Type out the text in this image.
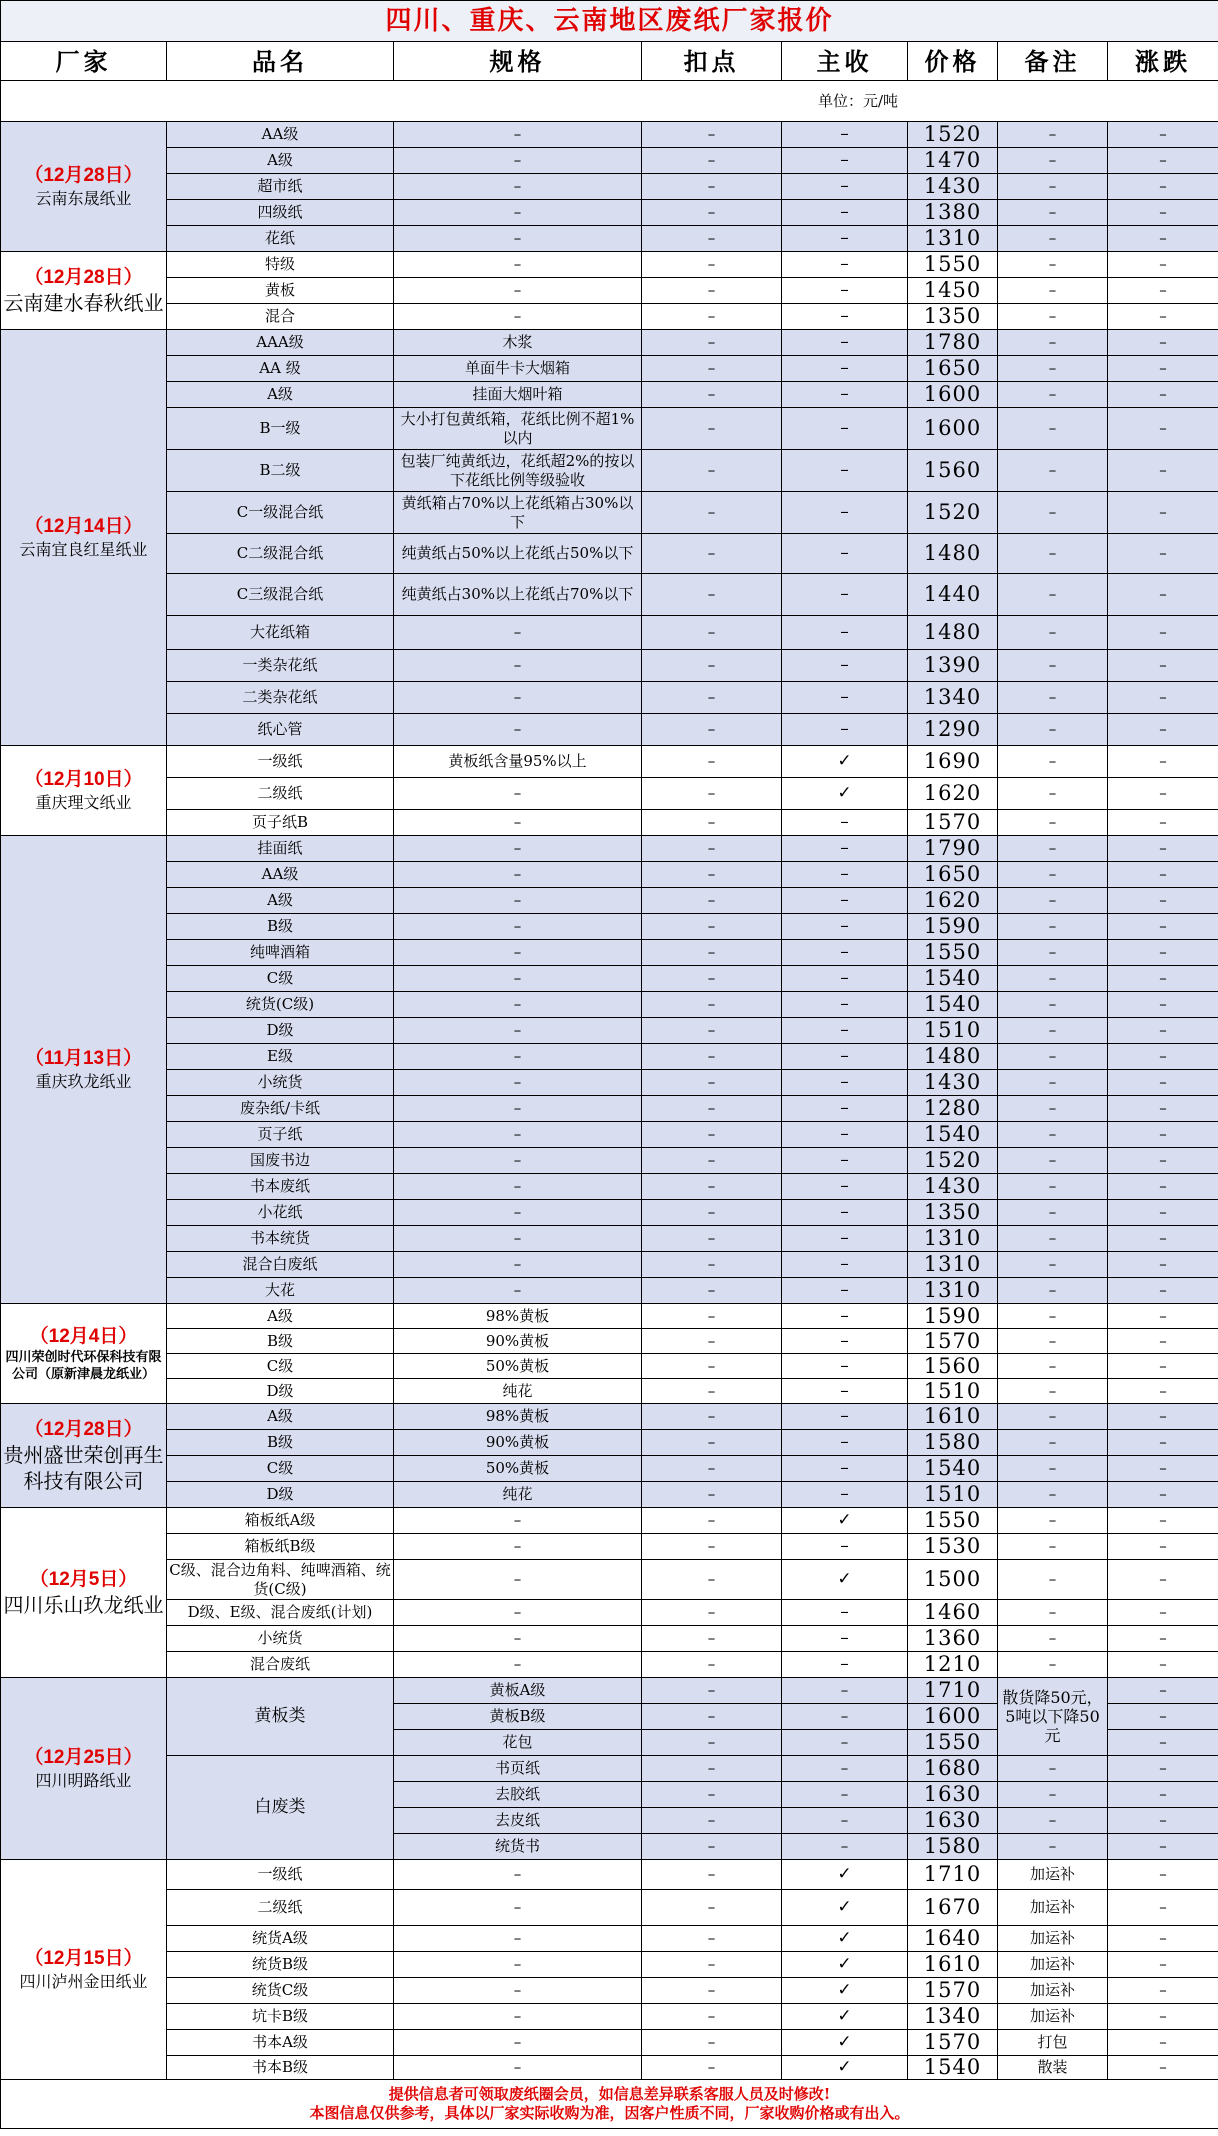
四川、重庆、云南地区废纸厂家报价							
厂家	品名	规格	扣点	主收	价格	备注	涨跌
单位：元/吨							

（12月28日）
云南东晟纸业	AA级	–	–	–	1520	–	–
	A级	–	–	–	1470	–	–
	超市纸	–	–	–	1430	–	–
	四级纸	–	–	–	1380	–	–
	花纸	–	–	–	1310	–	–

（12月28日）
云南建水春秋纸业	特级	–	–	–	1550	–	–
	黄板	–	–	–	1450	–	–
	混合	–	–	–	1350	–	–

（12月14日）
云南宜良红星纸业	AAA级	木浆	–	–	1780	–	–
	AA 级	单面牛卡大烟箱	–	–	1650	–	–
	A级	挂面大烟叶箱	–	–	1600	–	–
	B一级	大小打包黄纸箱，花纸比例不超1%以内	–	–	1600	–	–
	B二级	包装厂纯黄纸边，花纸超2%的按以下花纸比例等级验收	–	–	1560	–	–
	C一级混合纸	黄纸箱占70%以上花纸箱占30%以下	–	–	1520	–	–
	C二级混合纸	纯黄纸占50%以上花纸占50%以下	–	–	1480	–	–
	C三级混合纸	纯黄纸占30%以上花纸占70%以下	–	–	1440	–	–
	大花纸箱	–	–	–	1480	–	–
	一类杂花纸	–	–	–	1390	–	–
	二类杂花纸	–	–	–	1340	–	–
	纸心管	–	–	–	1290	–	–

（12月10日）
重庆理文纸业	一级纸	黄板纸含量95%以上	–	✓	1690	–	–
	二级纸	–	–	✓	1620	–	–
	页子纸B	–	–	–	1570	–	–

（11月13日）
重庆玖龙纸业	挂面纸	–	–	–	1790	–	–
	AA级	–	–	–	1650	–	–
	A级	–	–	–	1620	–	–
	B级	–	–	–	1590	–	–
	纯啤酒箱	–	–	–	1550	–	–
	C级	–	–	–	1540	–	–
	统货(C级)	–	–	–	1540	–	–
	D级	–	–	–	1510	–	–
	E级	–	–	–	1480	–	–
	小统货	–	–	–	1430	–	–
	废杂纸/卡纸	–	–	–	1280	–	–
	页子纸	–	–	–	1540	–	–
	国废书边	–	–	–	1520	–	–
	书本废纸	–	–	–	1430	–	–
	小花纸	–	–	–	1350	–	–
	书本统货	–	–	–	1310	–	–
	混合白废纸	–	–	–	1310	–	–
	大花	–	–	–	1310	–	–

（12月4日）
四川荣创时代环保科技有限公司（原新津晨龙纸业）	A级	98%黄板	–	–	1590	–	–
	B级	90%黄板	–	–	1570	–	–
	C级	50%黄板	–	–	1560	–	–
	D级	纯花	–	–	1510	–	–

（12月28日）
贵州盛世荣创再生科技有限公司	A级	98%黄板	–	–	1610	–	–
	B级	90%黄板	–	–	1580	–	–
	C级	50%黄板	–	–	1540	–	–
	D级	纯花	–	–	1510	–	–

（12月5日）
四川乐山玖龙纸业	箱板纸A级	–	–	✓	1550	–	–
	箱板纸B级	–	–	–	1530	–	–
	C级、混合边角料、纯啤酒箱、统货(C级)	–	–	✓	1500	–	–
	D级、E级、混合废纸(计划)	–	–	–	1460	–	–
	小统货	–	–	–	1360	–	–
	混合废纸	–	–	–	1210	–	–

（12月25日）
四川明路纸业	黄板类	黄板A级	–	–	1710	散货降50元，5吨以下降50元	–
		黄板B级	–	–	1600		–
		花包	–	–	1550		–
	白废类	书页纸	–	–	1680	–	–
		去胶纸	–	–	1630	–	–
		去皮纸	–	–	1630	–	–
		统货书	–	–	1580	–	–

（12月15日）
四川泸州金田纸业	一级纸	–	–	✓	1710	加运补	–
	二级纸	–	–	✓	1670	加运补	–
	统货A级	–	–	✓	1640	加运补	–
	统货B级	–	–	✓	1610	加运补	–
	统货C级	–	–	✓	1570	加运补	–
	坑卡B级	–	–	✓	1340	加运补	–
	书本A级	–	–	✓	1570	打包	–
	书本B级	–	–	✓	1540	散装	–

提供信息者可领取废纸圈会员，如信息差异联系客服人员及时修改!
本图信息仅供参考，具体以厂家实际收购为准，因客户性质不同，厂家收购价格或有出入。							
